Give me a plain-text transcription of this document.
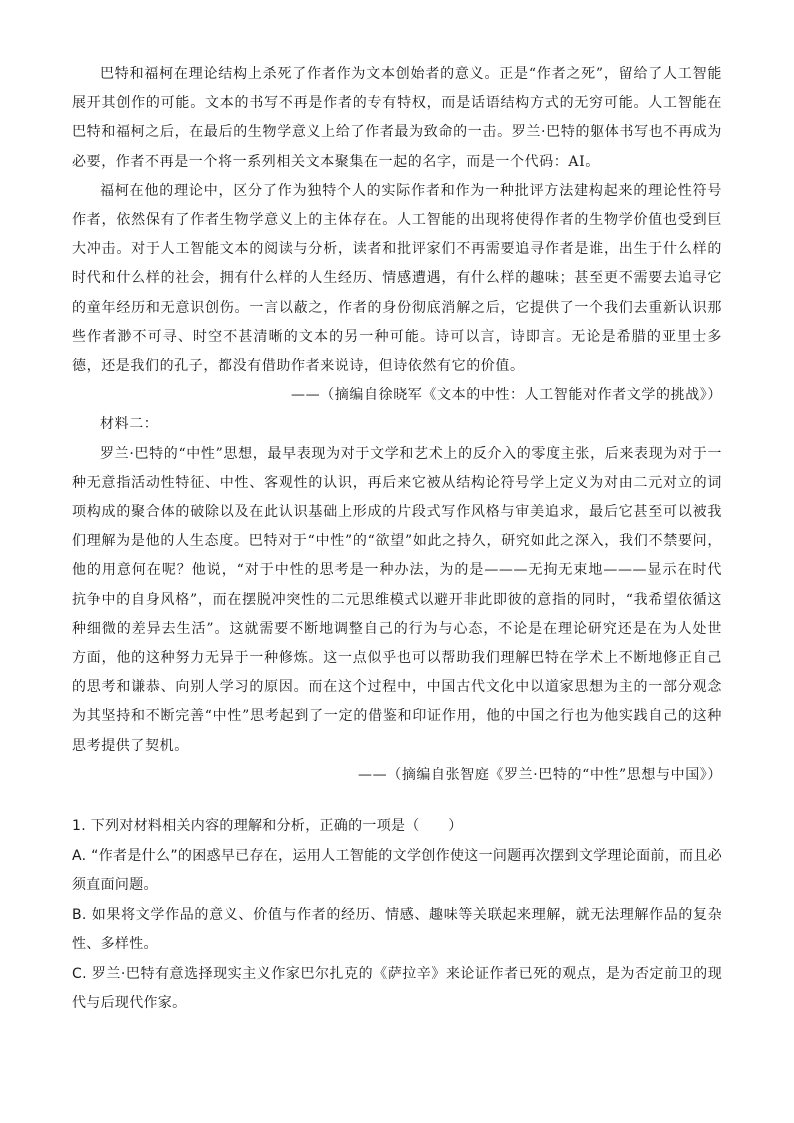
巴特和福柯在理论结构上杀死了作者作为文本创始者的意义。正是“作者之死”，留给了人工智能展开其创作的可能。文本的书写不再是作者的专有特权，而是话语结构方式的无穷可能。人工智能在巴特和福柯之后，在最后的生物学意义上给了作者最为致命的一击。罗兰·巴特的躯体书写也不再成为必要，作者不再是一个将一系列相关文本聚集在一起的名字，而是一个代码：AI。

福柯在他的理论中，区分了作为独特个人的实际作者和作为一种批评方法建构起来的理论性符号作者，依然保有了作者生物学意义上的主体存在。人工智能的出现将使得作者的生物学价值也受到巨大冲击。对于人工智能文本的阅读与分析，读者和批评家们不再需要追寻作者是谁，出生于什么样的时代和什么样的社会，拥有什么样的人生经历、情感遭遇，有什么样的趣味；甚至更不需要去追寻它的童年经历和无意识创伤。一言以蔽之，作者的身份彻底消解之后，它提供了一个我们去重新认识那些作者渺不可寻、时空不甚清晰的文本的另一种可能。诗可以言，诗即言。无论是希腊的亚里士多德，还是我们的孔子，都没有借助作者来说诗，但诗依然有它的价值。

——（摘编自徐晓军《文本的中性：人工智能对作者文学的挑战》）

材料二：

罗兰·巴特的“中性”思想，最早表现为对于文学和艺术上的反介入的零度主张，后来表现为对于一种无意指活动性特征、中性、客观性的认识，再后来它被从结构论符号学上定义为对由二元对立的词项构成的聚合体的破除以及在此认识基础上形成的片段式写作风格与审美追求，最后它甚至可以被我们理解为是他的人生态度。巴特对于“中性”的“欲望”如此之持久，研究如此之深入，我们不禁要问，他的用意何在呢？他说，“对于中性的思考是一种办法，为的是———无拘无束地———显示在时代抗争中的自身风格”，而在摆脱冲突性的二元思维模式以避开非此即彼的意指的同时，“我希望依循这种细微的差异去生活”。这就需要不断地调整自己的行为与心态，不论是在理论研究还是在为人处世方面，他的这种努力无异于一种修炼。这一点似乎也可以帮助我们理解巴特在学术上不断地修正自己的思考和谦恭、向别人学习的原因。而在这个过程中，中国古代文化中以道家思想为主的一部分观念为其坚持和不断完善“中性”思考起到了一定的借鉴和印证作用，他的中国之行也为他实践自己的这种思考提供了契机。

——（摘编自张智庭《罗兰·巴特的“中性”思想与中国》）

1. 下列对材料相关内容的理解和分析，正确的一项是（　　）

A. “作者是什么”的困惑早已存在，运用人工智能的文学创作使这一问题再次摆到文学理论面前，而且必须直面问题。

B. 如果将文学作品的意义、价值与作者的经历、情感、趣味等关联起来理解，就无法理解作品的复杂性、多样性。

C. 罗兰·巴特有意选择现实主义作家巴尔扎克的《萨拉辛》来论证作者已死的观点，是为否定前卫的现代与后现代作家。
